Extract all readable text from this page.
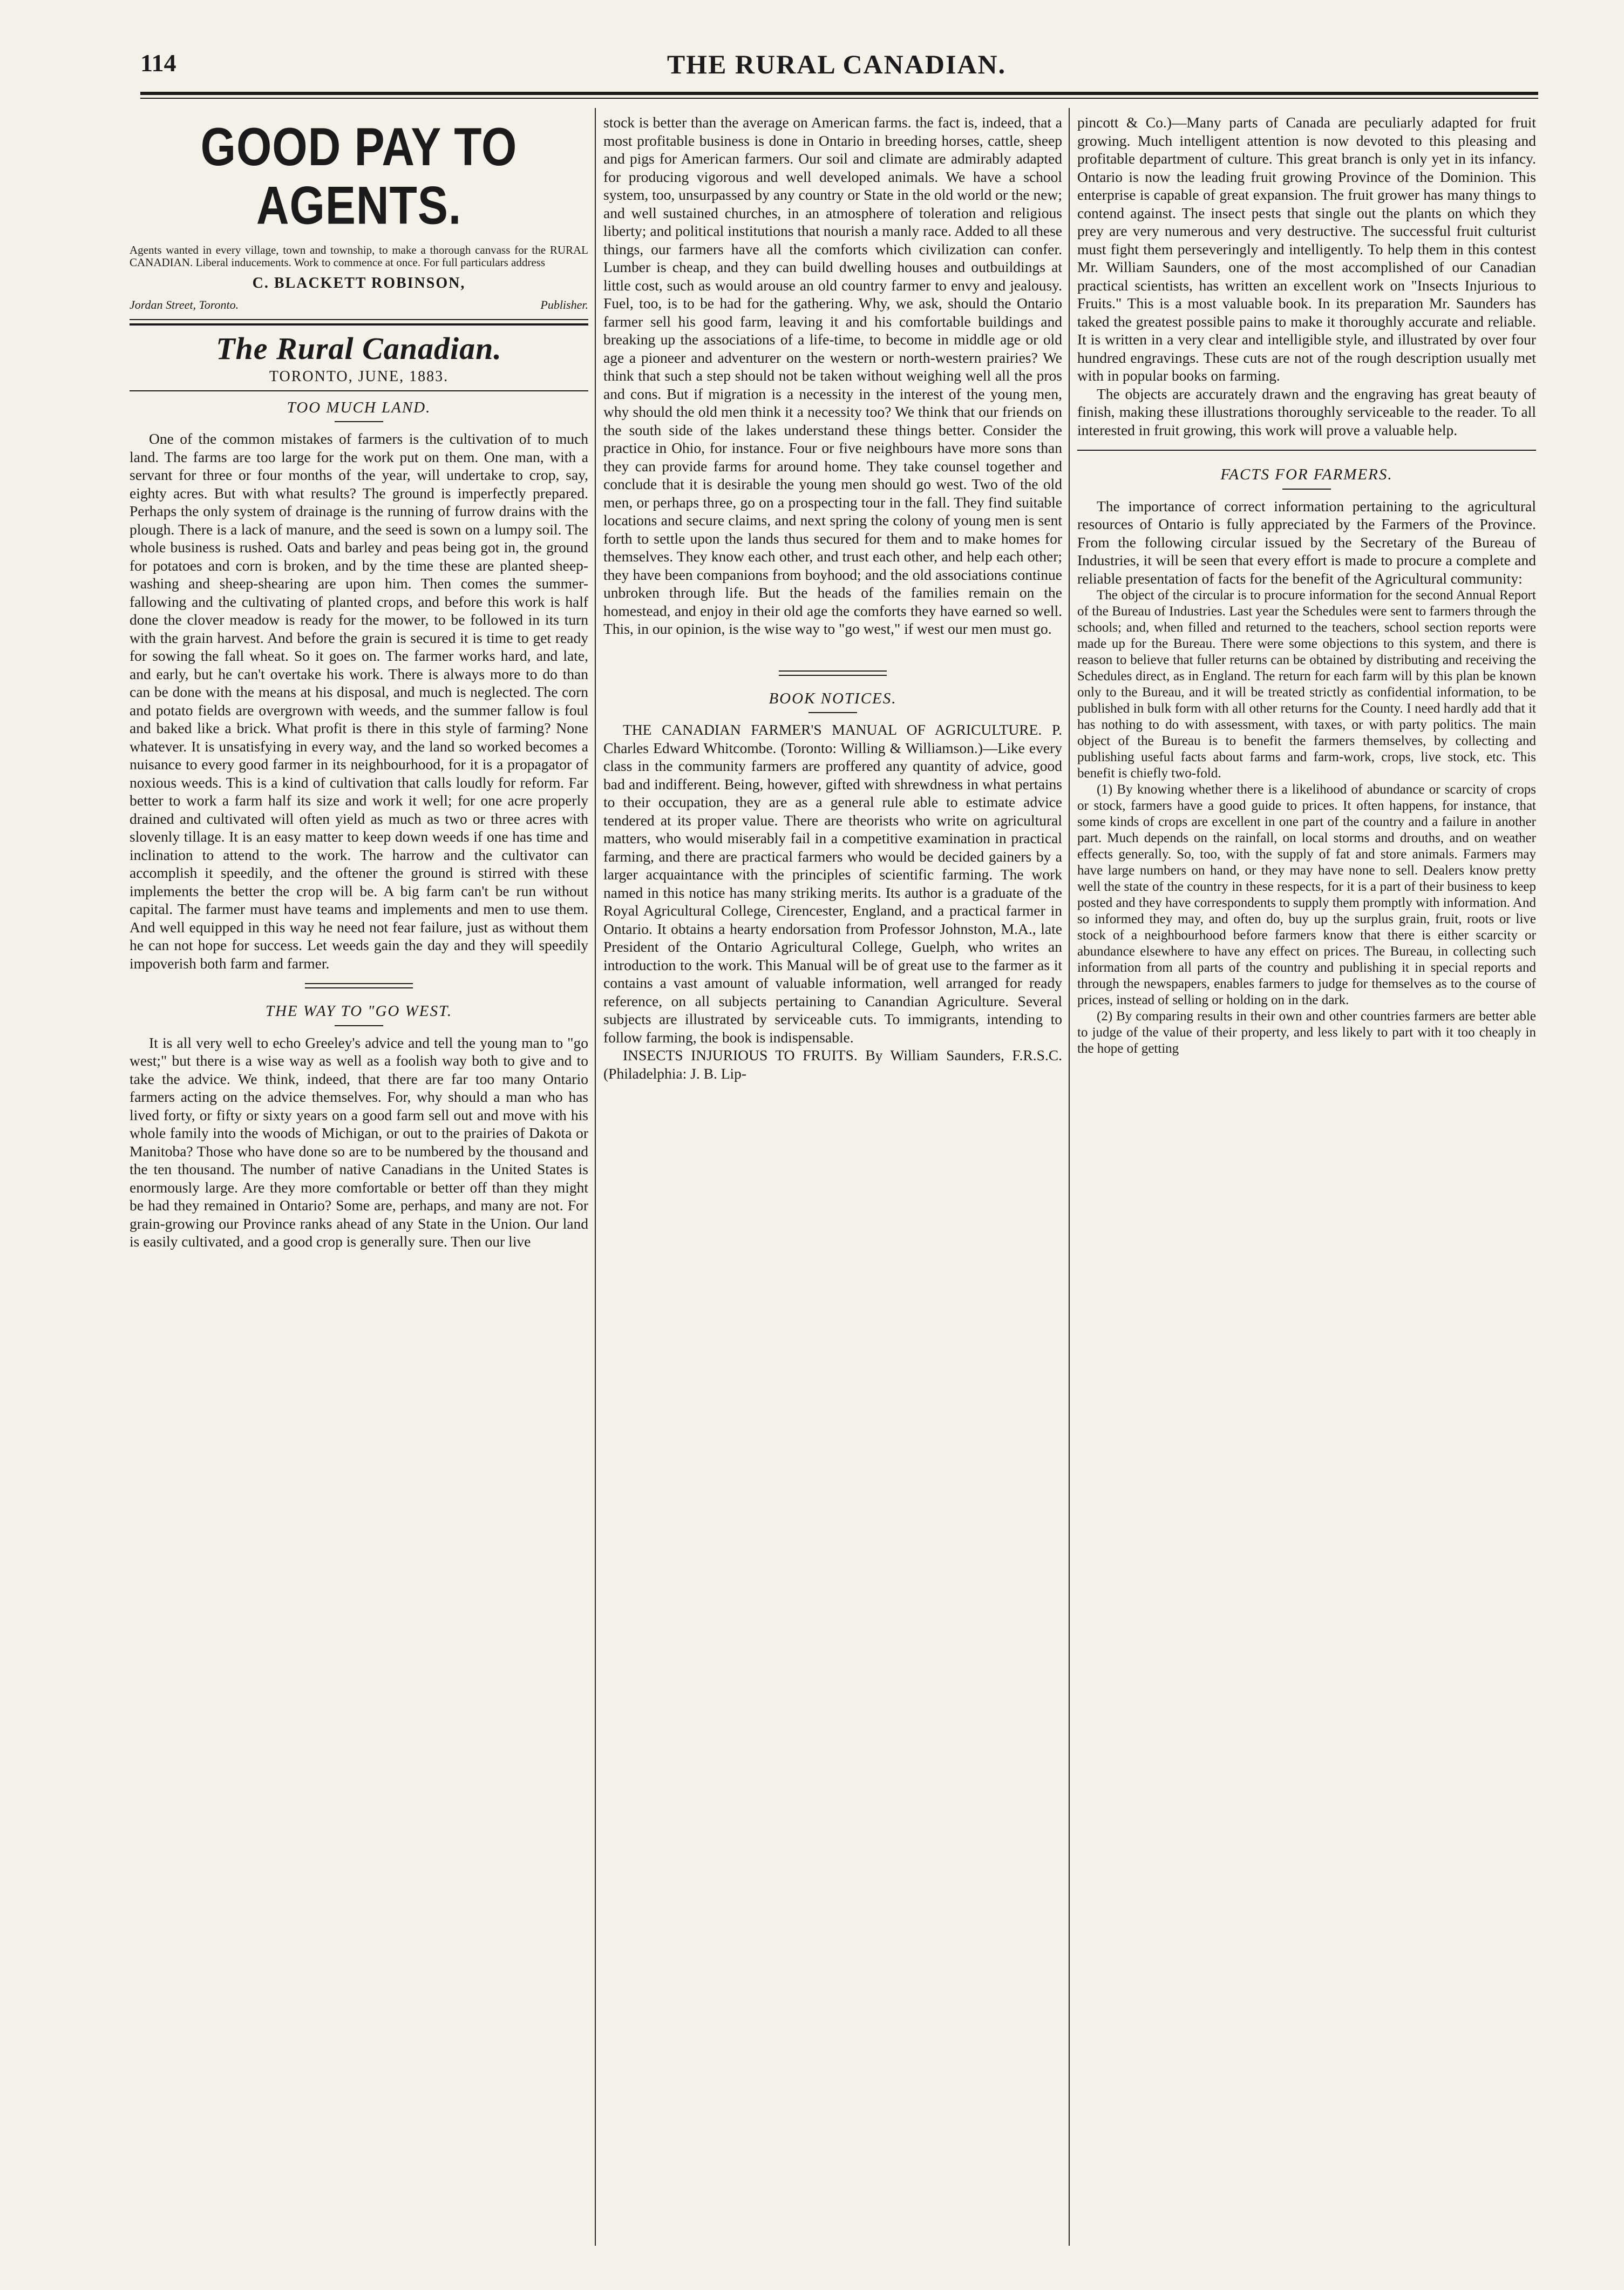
114	THE RURAL CANADIAN.
GOOD PAY TO AGENTS.
Agents wanted in every village, town and township, to make a thorough canvass for the RURAL CANADIAN. Liberal inducements. Work to commence at once. For full particulars address
C. BLACKETT ROBINSON,
Jordan Street, Toronto.	Publisher.
The Rural Canadian.
TORONTO, JUNE, 1883.
TOO MUCH LAND.

One of the common mistakes of farmers is the cultivation of to much land. The farms are too large for the work put on them. One man, with a servant for three or four months of the year, will undertake to crop, say, eighty acres. But with what results? The ground is imperfectly prepared. Perhaps the only system of drainage is the running of furrow drains with the plough. There is a lack of manure, and the seed is sown on a lumpy soil. The whole business is rushed. Oats and barley and peas being got in, the ground for potatoes and corn is broken, and by the time these are planted sheep-washing and sheep-shearing are upon him. Then comes the summer-fallowing and the cultivating of planted crops, and before this work is half done the clover meadow is ready for the mower, to be followed in its turn with the grain harvest. And before the grain is secured it is time to get ready for sowing the fall wheat. So it goes on. The farmer works hard, and late, and early, but he can't overtake his work. There is always more to do than can be done with the means at his disposal, and much is neglected. The corn and potato fields are overgrown with weeds, and the summer fallow is foul and baked like a brick. What profit is there in this style of farming? None whatever. It is unsatisfying in every way, and the land so worked becomes a nuisance to every good farmer in its neighbourhood, for it is a propagator of noxious weeds. This is a kind of cultivation that calls loudly for reform. Far better to work a farm half its size and work it well; for one acre properly drained and cultivated will often yield as much as two or three acres with slovenly tillage. It is an easy matter to keep down weeds if one has time and inclination to attend to the work. The harrow and the cultivator can accomplish it speedily, and the oftener the ground is stirred with these implements the better the crop will be. A big farm can't be run without capital. The farmer must have teams and implements and men to use them. And well equipped in this way he need not fear failure, just as without them he can not hope for success. Let weeds gain the day and they will speedily impoverish both farm and farmer.

THE WAY TO "GO WEST.

It is all very well to echo Greeley's advice and tell the young man to "go west;" but there is a wise way as well as a foolish way both to give and to take the advice. We think, indeed, that there are far too many Ontario farmers acting on the advice themselves. For, why should a man who has lived forty, or fifty or sixty years on a good farm sell out and move with his whole family into the woods of Michigan, or out to the prairies of Dakota or Manitoba? Those who have done so are to be numbered by the thousand and the ten thousand. The number of native Canadians in the United States is enormously large. Are they more comfortable or better off than they might be had they remained in Ontario? Some are, perhaps, and many are not. For grain-growing our Province ranks ahead of any State in the Union. Our land is easily cultivated, and a good crop is generally sure. Then our live

stock is better than the average on American farms. the fact is, indeed, that a most profitable business is done in Ontario in breeding horses, cattle, sheep and pigs for American farmers. Our soil and climate are admirably adapted for producing vigorous and well developed animals. We have a school system, too, unsurpassed by any country or State in the old world or the new; and well sustained churches, in an atmosphere of toleration and religious liberty; and political institutions that nourish a manly race. Added to all these things, our farmers have all the comforts which civilization can confer. Lumber is cheap, and they can build dwelling houses and outbuildings at little cost, such as would arouse an old country farmer to envy and jealousy. Fuel, too, is to be had for the gathering. Why, we ask, should the Ontario farmer sell his good farm, leaving it and his comfortable buildings and breaking up the associations of a life-time, to become in middle age or old age a pioneer and adventurer on the western or north-western prairies? We think that such a step should not be taken without weighing well all the pros and cons. But if migration is a necessity in the interest of the young men, why should the old men think it a necessity too? We think that our friends on the south side of the lakes understand these things better. Consider the practice in Ohio, for instance. Four or five neighbours have more sons than they can provide farms for around home. They take counsel together and conclude that it is desirable the young men should go west. Two of the old men, or perhaps three, go on a prospecting tour in the fall. They find suitable locations and secure claims, and next spring the colony of young men is sent forth to settle upon the lands thus secured for them and to make homes for themselves. They know each other, and trust each other, and help each other; they have been companions from boyhood; and the old associations continue unbroken through life. But the heads of the families remain on the homestead, and enjoy in their old age the comforts they have earned so well. This, in our opinion, is the wise way to "go west," if west our men must go.

BOOK NOTICES.

THE CANADIAN FARMER'S MANUAL OF AGRICULTURE. P. Charles Edward Whitcombe. (Toronto: Willing & Williamson.)—Like every class in the community farmers are proffered any quantity of advice, good bad and indifferent. Being, however, gifted with shrewdness in what pertains to their occupation, they are as a general rule able to estimate advice tendered at its proper value. There are theorists who write on agricultural matters, who would miserably fail in a competitive examination in practical farming, and there are practical farmers who would be decided gainers by a larger acquaintance with the principles of scientific farming. The work named in this notice has many striking merits. Its author is a graduate of the Royal Agricultural College, Cirencester, England, and a practical farmer in Ontario. It obtains a hearty endorsation from Professor Johnston, M.A., late President of the Ontario Agricultural College, Guelph, who writes an introduction to the work. This Manual will be of great use to the farmer as it contains a vast amount of valuable information, well arranged for ready reference, on all subjects pertaining to Canandian Agriculture. Several subjects are illustrated by serviceable cuts. To immigrants, intending to follow farming, the book is indispensable.

INSECTS INJURIOUS TO FRUITS. By William Saunders, F.R.S.C. (Philadelphia: J. B. Lip-

pincott & Co.)—Many parts of Canada are peculiarly adapted for fruit growing. Much intelligent attention is now devoted to this pleasing and profitable department of culture. This great branch is only yet in its infancy. Ontario is now the leading fruit growing Province of the Dominion. This enterprise is capable of great expansion. The fruit grower has many things to contend against. The insect pests that single out the plants on which they prey are very numerous and very destructive. The successful fruit culturist must fight them perseveringly and intelligently. To help them in this contest Mr. William Saunders, one of the most accomplished of our Canadian practical scientists, has written an excellent work on "Insects Injurious to Fruits." This is a most valuable book. In its preparation Mr. Saunders has taked the greatest possible pains to make it thoroughly accurate and reliable. It is written in a very clear and intelligible style, and illustrated by over four hundred engravings. These cuts are not of the rough description usually met with in popular books on farming.

The objects are accurately drawn and the engraving has great beauty of finish, making these illustrations thoroughly serviceable to the reader. To all interested in fruit growing, this work will prove a valuable help.

FACTS FOR FARMERS.

The importance of correct information pertaining to the agricultural resources of Ontario is fully appreciated by the Farmers of the Province. From the following circular issued by the Secretary of the Bureau of Industries, it will be seen that every effort is made to procure a complete and reliable presentation of facts for the benefit of the Agricultural community:

The object of the circular is to procure information for the second Annual Report of the Bureau of Industries. Last year the Schedules were sent to farmers through the schools; and, when filled and returned to the teachers, school section reports were made up for the Bureau. There were some objections to this system, and there is reason to believe that fuller returns can be obtained by distributing and receiving the Schedules direct, as in England. The return for each farm will by this plan be known only to the Bureau, and it will be treated strictly as confidential information, to be published in bulk form with all other returns for the County. I need hardly add that it has nothing to do with assessment, with taxes, or with party politics. The main object of the Bureau is to benefit the farmers themselves, by collecting and publishing useful facts about farms and farm-work, crops, live stock, etc. This benefit is chiefly two-fold.

(1) By knowing whether there is a likelihood of abundance or scarcity of crops or stock, farmers have a good guide to prices. It often happens, for instance, that some kinds of crops are excellent in one part of the country and a failure in another part. Much depends on the rainfall, on local storms and drouths, and on weather effects generally. So, too, with the supply of fat and store animals. Farmers may have large numbers on hand, or they may have none to sell. Dealers know pretty well the state of the country in these respects, for it is a part of their business to keep posted and they have correspondents to supply them promptly with information. And so informed they may, and often do, buy up the surplus grain, fruit, roots or live stock of a neighbourhood before farmers know that there is either scarcity or abundance elsewhere to have any effect on prices. The Bureau, in collecting such information from all parts of the country and publishing it in special reports and through the newspapers, enables farmers to judge for themselves as to the course of prices, instead of selling or holding on in the dark.

(2) By comparing results in their own and other countries farmers are better able to judge of the value of their property, and less likely to part with it too cheaply in the hope of getting
